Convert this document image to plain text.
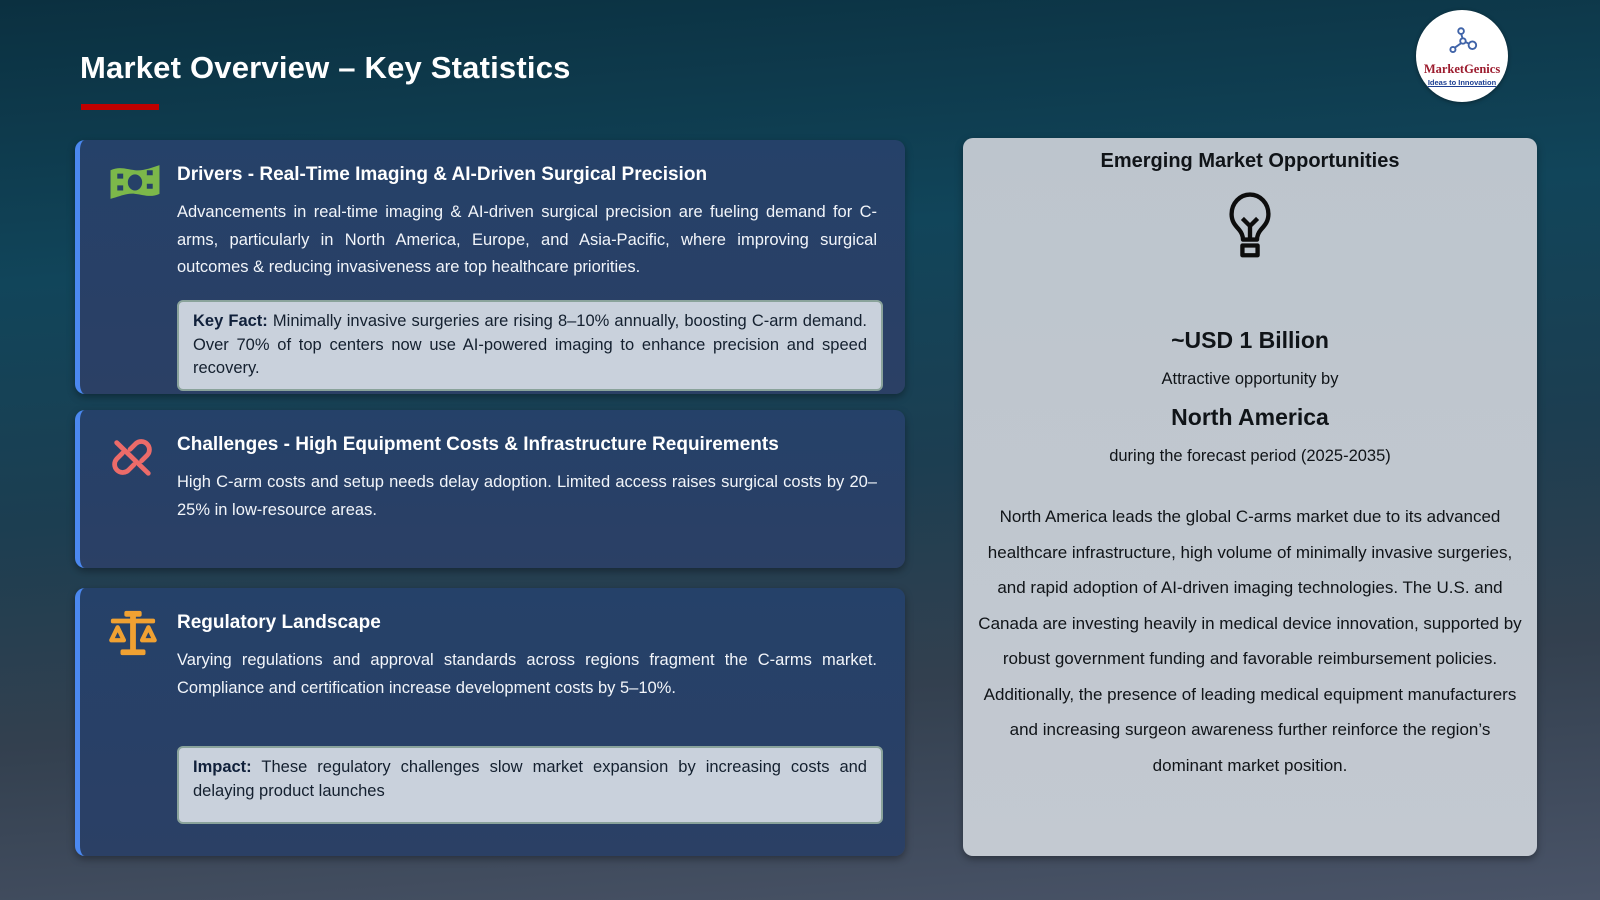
Market Overview – Key Statistics	MarketGenics
Ideas to Innovation
Drivers - Real-Time Imaging & AI-Driven Surgical Precision
Advancements in real-time imaging & AI-driven surgical precision are fueling demand for C-arms, particularly in North America, Europe, and Asia-Pacific, where improving surgical outcomes & reducing invasiveness are top healthcare priorities.
Key Fact: Minimally invasive surgeries are rising 8–10% annually, boosting C-arm demand. Over 70% of top centers now use AI-powered imaging to enhance precision and speed recovery.
Challenges - High Equipment Costs & Infrastructure Requirements
High C-arm costs and setup needs delay adoption. Limited access raises surgical costs by 20–25% in low-resource areas.
Regulatory Landscape
Varying regulations and approval standards across regions fragment the C-arms market. Compliance and certification increase development costs by 5–10%.
Impact: These regulatory challenges slow market expansion by increasing costs and delaying product launches
Emerging Market Opportunities
~USD 1 Billion
Attractive opportunity by
North America
during the forecast period (2025-2035)
North America leads the global C-arms market due to its advanced healthcare infrastructure, high volume of minimally invasive surgeries, and rapid adoption of AI-driven imaging technologies. The U.S. and Canada are investing heavily in medical device innovation, supported by robust government funding and favorable reimbursement policies. Additionally, the presence of leading medical equipment manufacturers and increasing surgeon awareness further reinforce the region’s dominant market position.
